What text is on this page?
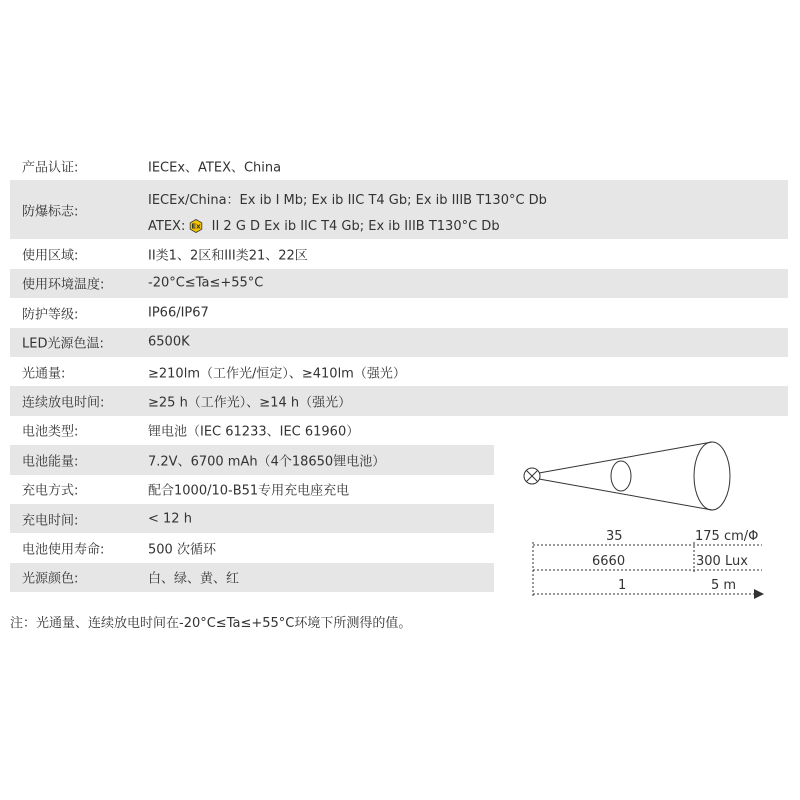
产品认证:	IECEx、ATEX、China
防爆标志:
IECEx/China：Ex ib I Mb; Ex ib IIC T4 Gb; Ex ib IIIB T130°C Db
ATEX: Ex II 2 G D Ex ib IIC T4 Gb; Ex ib IIIB T130°C Db
使用区域:	II类1、2区和III类21、22区
使用环境温度:	-20°C≤Ta≤+55°C
防护等级:	IP66/IP67
LED光源色温:	6500K
光通量:	≥210lm（工作光/恒定）、≥410lm（强光）
连续放电时间:	≥25 h（工作光）、≥14 h（强光）
电池类型:	锂电池（IEC 61233、IEC 61960）
电池能量:	7.2V、6700 mAh（4个18650锂电池）
充电方式:	配合1000/10-B51专用充电座充电
充电时间:	< 12 h
电池使用寿命:	500 次循环
光源颜色:	白、绿、黄、红
注：光通量、连续放电时间在-20°C≤Ta≤+55°C环境下所测得的值。
35	175 cm/Φ
6660	300 Lux
1	5 m
